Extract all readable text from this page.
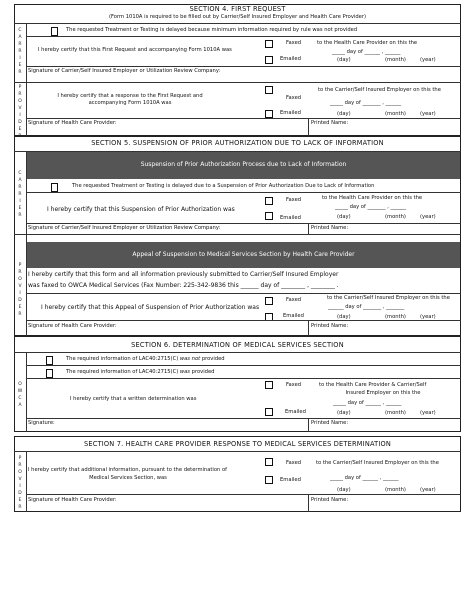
SECTION 4. FIRST REQUEST
(Form 1010A is required to be filled out by Carrier/Self Insured Employer and Health Care Provider)
C
A
R
R
I
E
R
The requested Treatment or Testing is delayed because minimum information required by rule was not provided
I hereby certify that this First Request and accompanying Form 1010A was
Faxed
Emailed
to the Health Care Provider on this the
_____ day of ______ , ______
(day)	(month)	(year)
Signature of Carrier/Self Insured Employer or Utilization Review Company:
P
R
O
V
I
D
E
R
I hereby certify that a response to the First Request and
accompanying Form 1010A was
Faxed
Emailed
to the Carrier/Self Insured Employer on this the
_____ day of _______ , ______
(day)	(month)	(year)
Signature of Health Care Provider:	Printed Name:
SECTION 5. SUSPENSION OF PRIOR AUTHORIZATION DUE TO LACK OF INFORMATION
C
A
R
R
I
E
R
Suspension of Prior Authorization Process due to Lack of Information
The requested Treatment or Testing is delayed due to a Suspension of Prior Authorization Due to Lack of Information
I hereby certify that this Suspension of Prior Authorization was
Faxed
Emailed
to the Health Care Provider on this the
_____ day of _______ , ______
(day)	(month)	(year)
Signature of Carrier/Self Insured Employer or Utilization Review Company:	Printed Name:
P
R
O
V
I
D
E
R
Appeal of Suspension to Medical Services Section by Health Care Provider
I hereby certify that this form and all information previously submitted to Carrier/Self Insured Employer
was faxed to OWCA Medical Services (Fax Number: 225-342-9836 this ______ day of ________ , ________ .
I hereby certify that this Appeal of Suspension of Prior Authorization was
Faxed
Emailed
to the Carrier/Self Insured Employer on this the
______ day of _______ , _______
(day)	(month)	(year)
Signature of Health Care Provider:	Printed Name:
SECTION 6. DETERMINATION OF MEDICAL SERVICES SECTION
O
W
C
A
The required information of LAC40:2715(C) was not provided
The required information of LAC40:2715(C) was provided
I hereby certify that a written determination was
Faxed
Emailed
to the Health Care Provider & Carrier/Self
Insured Employer on this the
_____ day of ______ , ______
(day)	(month)	(year)
Signature:	Printed Name:
SECTION 7. HEALTH CARE PROVIDER RESPONSE TO MEDICAL SERVICES DETERMINATION
P
R
O
V
I
D
E
R
I hereby certify that additional information, pursuant to the determination of
Medical Services Section, was
Faxed
Emailed
to the Carrier/Self Insured Employer on this the
_____ day of ______ , ______
(day)	(month)	(year)
Signature of Health Care Provider:	Printed Name:
